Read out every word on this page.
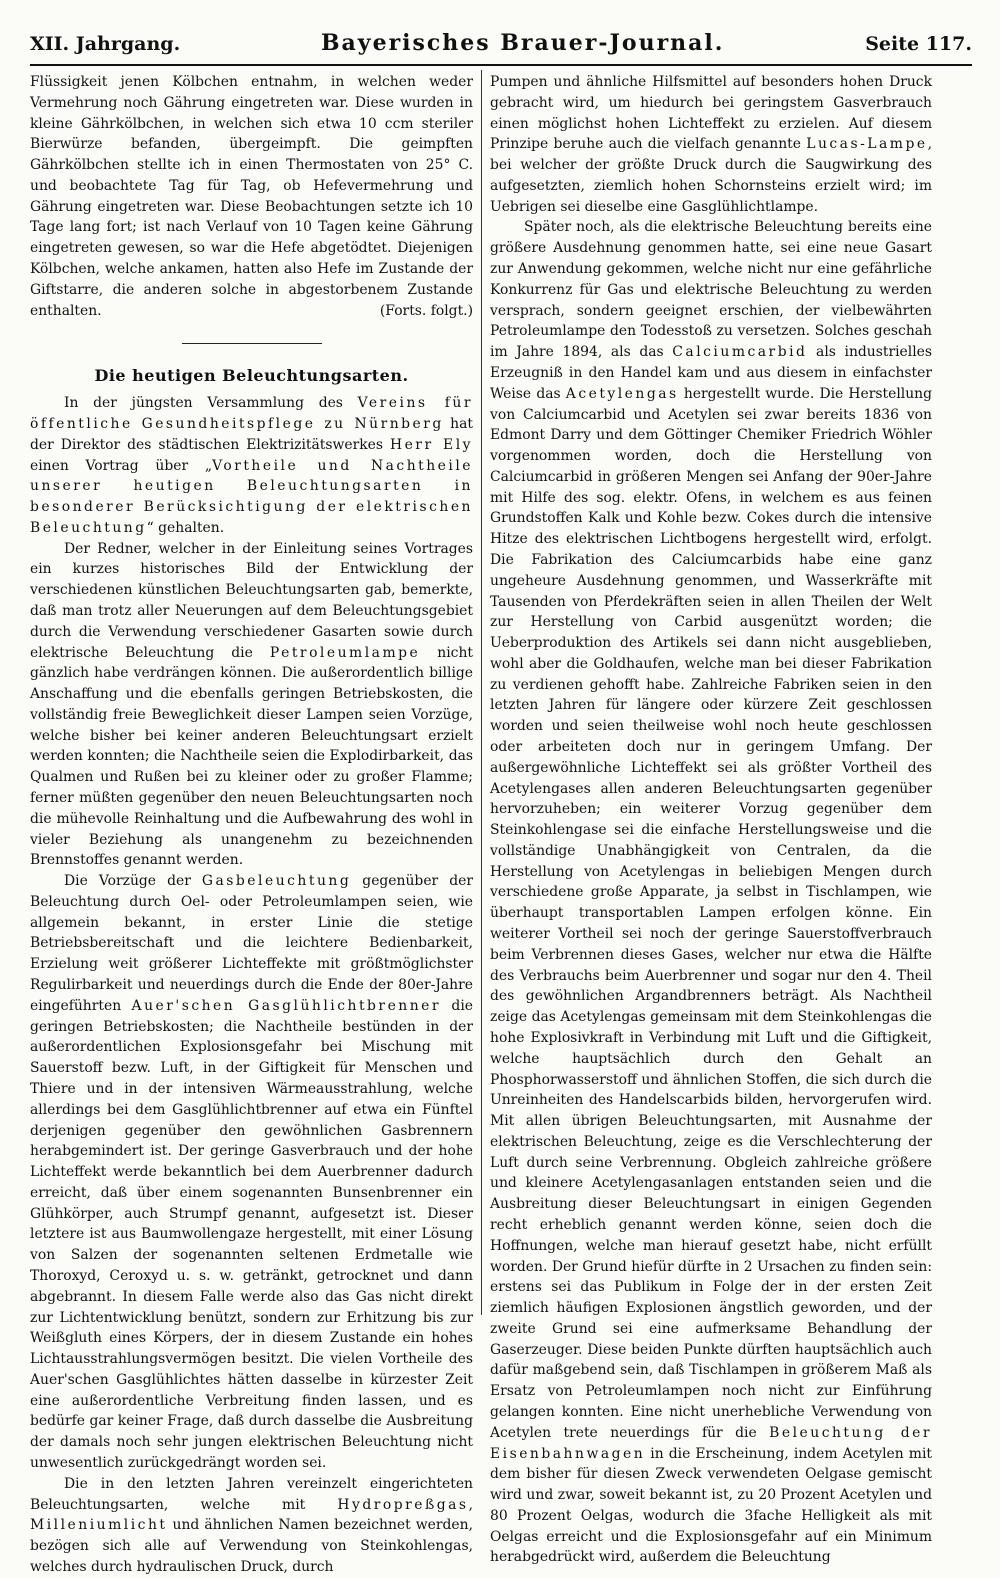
XII. Jahrgang.	Bayerisches Brauer-Journal.	Seite 117.

Flüssigkeit jenen Kölbchen entnahm, in welchen weder Vermehrung noch Gährung eingetreten war. Diese wurden in kleine Gährkölbchen, in welchen sich etwa 10 ccm steriler Bierwürze befanden, übergeimpft. Die geimpften Gährkölbchen stellte ich in einen Thermostaten von 25° C. und beobachtete Tag für Tag, ob Hefevermehrung und Gährung eingetreten war. Diese Beobachtungen setzte ich 10 Tage lang fort; ist nach Verlauf von 10 Tagen keine Gährung eingetreten gewesen, so war die Hefe abgetödtet. Diejenigen Kölbchen, welche ankamen, hatten also Hefe im Zustande der Giftstarre, die anderen solche in abgestorbenem Zustande enthalten.	(Forts. folgt.)

Die heutigen Beleuchtungsarten.

In der jüngsten Versammlung des Vereins für öffentliche Gesundheitspflege zu Nürnberg hat der Direktor des städtischen Elektrizitätswerkes Herr Ely einen Vortrag über „Vortheile und Nachtheile unserer heutigen Beleuchtungsarten in besonderer Berücksichtigung der elektrischen Beleuchtung“ gehalten.

Der Redner, welcher in der Einleitung seines Vortrages ein kurzes historisches Bild der Entwicklung der verschiedenen künstlichen Beleuchtungsarten gab, bemerkte, daß man trotz aller Neuerungen auf dem Beleuchtungsgebiet durch die Verwendung verschiedener Gasarten sowie durch elektrische Beleuchtung die Petroleumlampe nicht gänzlich habe verdrängen können. Die außerordentlich billige Anschaffung und die ebenfalls geringen Betriebskosten, die vollständig freie Beweglichkeit dieser Lampen seien Vorzüge, welche bisher bei keiner anderen Beleuchtungsart erzielt werden konnten; die Nachtheile seien die Explodirbarkeit, das Qualmen und Rußen bei zu kleiner oder zu großer Flamme; ferner müßten gegenüber den neuen Beleuchtungsarten noch die mühevolle Reinhaltung und die Aufbewahrung des wohl in vieler Beziehung als unangenehm zu bezeichnenden Brennstoffes genannt werden.

Die Vorzüge der Gasbeleuchtung gegenüber der Beleuchtung durch Oel- oder Petroleumlampen seien, wie allgemein bekannt, in erster Linie die stetige Betriebsbereitschaft und die leichtere Bedienbarkeit, Erzielung weit größerer Lichteffekte mit größtmöglichster Regulirbarkeit und neuerdings durch die Ende der 80er-Jahre eingeführten Auer'schen Gasglühlichtbrenner die geringen Betriebskosten; die Nachtheile bestünden in der außerordentlichen Explosionsgefahr bei Mischung mit Sauerstoff bezw. Luft, in der Giftigkeit für Menschen und Thiere und in der intensiven Wärmeausstrahlung, welche allerdings bei dem Gasglühlichtbrenner auf etwa ein Fünftel derjenigen gegenüber den gewöhnlichen Gasbrennern herabgemindert ist. Der geringe Gasverbrauch und der hohe Lichteffekt werde bekanntlich bei dem Auerbrenner dadurch erreicht, daß über einem sogenannten Bunsenbrenner ein Glühkörper, auch Strumpf genannt, aufgesetzt ist. Dieser letztere ist aus Baumwollengaze hergestellt, mit einer Lösung von Salzen der sogenannten seltenen Erdmetalle wie Thoroxyd, Ceroxyd u. s. w. getränkt, getrocknet und dann abgebrannt. In diesem Falle werde also das Gas nicht direkt zur Lichtentwicklung benützt, sondern zur Erhitzung bis zur Weißgluth eines Körpers, der in diesem Zustande ein hohes Lichtausstrahlungsvermögen besitzt. Die vielen Vortheile des Auer'schen Gasglühlichtes hätten dasselbe in kürzester Zeit eine außerordentliche Verbreitung finden lassen, und es bedürfe gar keiner Frage, daß durch dasselbe die Ausbreitung der damals noch sehr jungen elektrischen Beleuchtung nicht unwesentlich zurückgedrängt worden sei.

Die in den letzten Jahren vereinzelt eingerichteten Beleuchtungsarten, welche mit Hydropreßgas, Milleniumlicht und ähnlichen Namen bezeichnet werden, bezögen sich alle auf Verwendung von Steinkohlengas, welches durch hydraulischen Druck, durch

Pumpen und ähnliche Hilfsmittel auf besonders hohen Druck gebracht wird, um hiedurch bei geringstem Gasverbrauch einen möglichst hohen Lichteffekt zu erzielen. Auf diesem Prinzipe beruhe auch die vielfach genannte Lucas-Lampe, bei welcher der größte Druck durch die Saugwirkung des aufgesetzten, ziemlich hohen Schornsteins erzielt wird; im Uebrigen sei dieselbe eine Gasglühlichtlampe.

Später noch, als die elektrische Beleuchtung bereits eine größere Ausdehnung genommen hatte, sei eine neue Gasart zur Anwendung gekommen, welche nicht nur eine gefährliche Konkurrenz für Gas und elektrische Beleuchtung zu werden versprach, sondern geeignet erschien, der vielbewährten Petroleumlampe den Todesstoß zu versetzen. Solches geschah im Jahre 1894, als das Calciumcarbid als industrielles Erzeugniß in den Handel kam und aus diesem in einfachster Weise das Acetylengas hergestellt wurde. Die Herstellung von Calciumcarbid und Acetylen sei zwar bereits 1836 von Edmont Darry und dem Göttinger Chemiker Friedrich Wöhler vorgenommen worden, doch die Herstellung von Calciumcarbid in größeren Mengen sei Anfang der 90er-Jahre mit Hilfe des sog. elektr. Ofens, in welchem es aus feinen Grundstoffen Kalk und Kohle bezw. Cokes durch die intensive Hitze des elektrischen Lichtbogens hergestellt wird, erfolgt. Die Fabrikation des Calciumcarbids habe eine ganz ungeheure Ausdehnung genommen, und Wasserkräfte mit Tausenden von Pferdekräften seien in allen Theilen der Welt zur Herstellung von Carbid ausgenützt worden; die Ueberproduktion des Artikels sei dann nicht ausgeblieben, wohl aber die Goldhaufen, welche man bei dieser Fabrikation zu verdienen gehofft habe. Zahlreiche Fabriken seien in den letzten Jahren für längere oder kürzere Zeit geschlossen worden und seien theilweise wohl noch heute geschlossen oder arbeiteten doch nur in geringem Umfang. Der außergewöhnliche Lichteffekt sei als größter Vortheil des Acetylengases allen anderen Beleuchtungsarten gegenüber hervorzuheben; ein weiterer Vorzug gegenüber dem Steinkohlengase sei die einfache Herstellungsweise und die vollständige Unabhängigkeit von Centralen, da die Herstellung von Acetylengas in beliebigen Mengen durch verschiedene große Apparate, ja selbst in Tischlampen, wie überhaupt transportablen Lampen erfolgen könne. Ein weiterer Vortheil sei noch der geringe Sauerstoffverbrauch beim Verbrennen dieses Gases, welcher nur etwa die Hälfte des Verbrauchs beim Auerbrenner und sogar nur den 4. Theil des gewöhnlichen Argandbrenners beträgt. Als Nachtheil zeige das Acetylengas gemeinsam mit dem Steinkohlengas die hohe Explosivkraft in Verbindung mit Luft und die Giftigkeit, welche hauptsächlich durch den Gehalt an Phosphorwasserstoff und ähnlichen Stoffen, die sich durch die Unreinheiten des Handelscarbids bilden, hervorgerufen wird. Mit allen übrigen Beleuchtungsarten, mit Ausnahme der elektrischen Beleuchtung, zeige es die Verschlechterung der Luft durch seine Verbrennung. Obgleich zahlreiche größere und kleinere Acetylengasanlagen entstanden seien und die Ausbreitung dieser Beleuchtungsart in einigen Gegenden recht erheblich genannt werden könne, seien doch die Hoffnungen, welche man hierauf gesetzt habe, nicht erfüllt worden. Der Grund hiefür dürfte in 2 Ursachen zu finden sein: erstens sei das Publikum in Folge der in der ersten Zeit ziemlich häufigen Explosionen ängstlich geworden, und der zweite Grund sei eine aufmerksame Behandlung der Gaserzeuger. Diese beiden Punkte dürften hauptsächlich auch dafür maßgebend sein, daß Tischlampen in größerem Maß als Ersatz von Petroleumlampen noch nicht zur Einführung gelangen konnten. Eine nicht unerhebliche Verwendung von Acetylen trete neuerdings für die Beleuchtung der Eisenbahnwagen in die Erscheinung, indem Acetylen mit dem bisher für diesen Zweck verwendeten Oelgase gemischt wird und zwar, soweit bekannt ist, zu 20 Prozent Acetylen und 80 Prozent Oelgas, wodurch die 3fache Helligkeit als mit Oelgas erreicht und die Explosionsgefahr auf ein Minimum herabgedrückt wird, außerdem die Beleuchtung
